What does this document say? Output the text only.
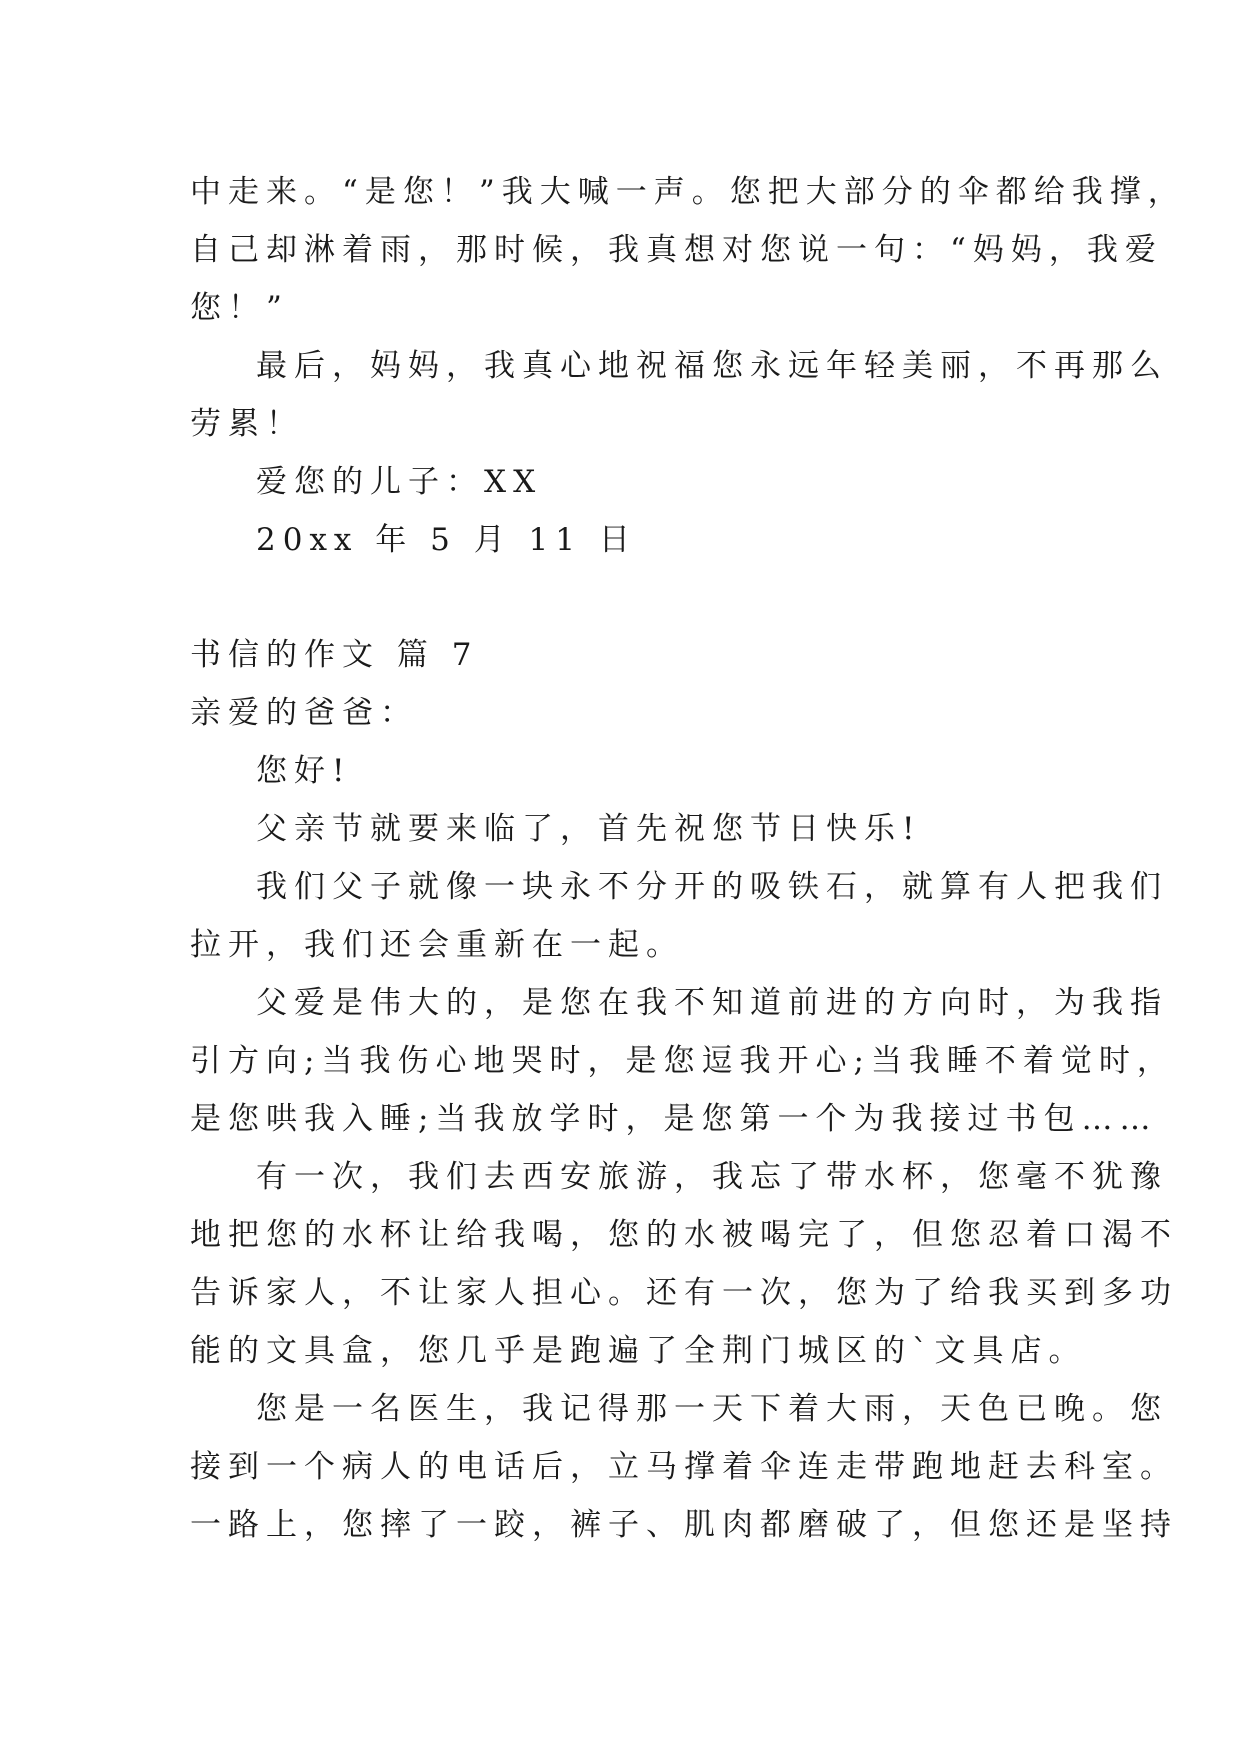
中走来。“是您！”我大喊一声。您把大部分的伞都给我撑，
自己却淋着雨，那时候，我真想对您说一句：“妈妈，我爱
您！”
最后，妈妈，我真心地祝福您永远年轻美丽，不再那么
劳累！
爱您的儿子：XX
20xx 年 5 月 11 日
书信的作文 篇 7
亲爱的爸爸：
您好!
父亲节就要来临了，首先祝您节日快乐!
我们父子就像一块永不分开的吸铁石，就算有人把我们
拉开，我们还会重新在一起。
父爱是伟大的，是您在我不知道前进的方向时，为我指
引方向;当我伤心地哭时，是您逗我开心;当我睡不着觉时，
是您哄我入睡;当我放学时，是您第一个为我接过书包……
有一次，我们去西安旅游，我忘了带水杯，您毫不犹豫
地把您的水杯让给我喝，您的水被喝完了，但您忍着口渴不
告诉家人，不让家人担心。还有一次，您为了给我买到多功
能的文具盒，您几乎是跑遍了全荆门城区的`文具店。
您是一名医生，我记得那一天下着大雨，天色已晚。您
接到一个病人的电话后，立马撑着伞连走带跑地赶去科室。
一路上，您摔了一跤，裤子、肌肉都磨破了，但您还是坚持
